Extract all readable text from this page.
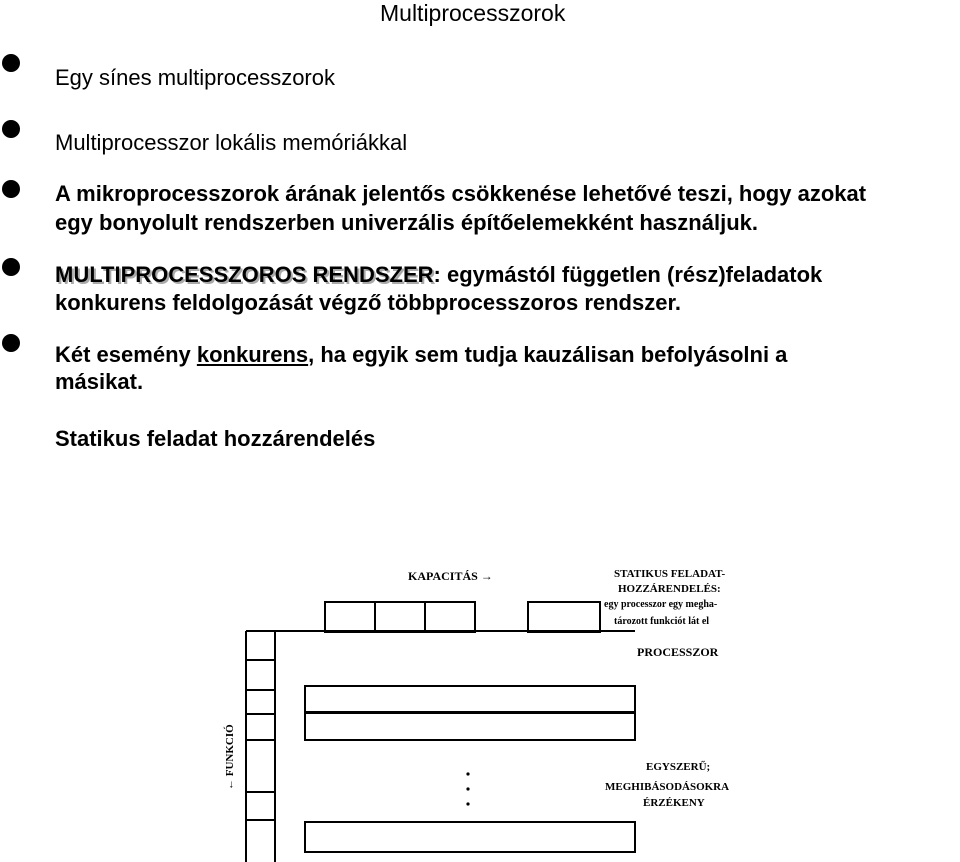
Multiprocesszorok
Egy sínes multiprocesszorok
Multiprocesszor lokális memóriákkal
A mikroprocesszorok árának jelentős csökkenése lehetővé teszi, hogy azokat
egy bonyolult rendszerben univerzális építőelemekként használjuk.
MULTIPROCESSZOROS RENDSZER: egymástól független (rész)feladatok
konkurens feldolgozását végző többprocesszoros rendszer.
Két esemény konkurens, ha egyik sem tudja kauzálisan befolyásolni a
másikat.
Statikus feladat hozzárendelés
KAPACITÁS →	STATIKUS FELADAT-
HOZZÁRENDELÉS:
egy processzor egy megha-
tározott funkciót lát el
PROCESSZOR
← FUNKCIÓ	EGYSZERŰ;
MEGHIBÁSODÁSOKRA
ÉRZÉKENY
